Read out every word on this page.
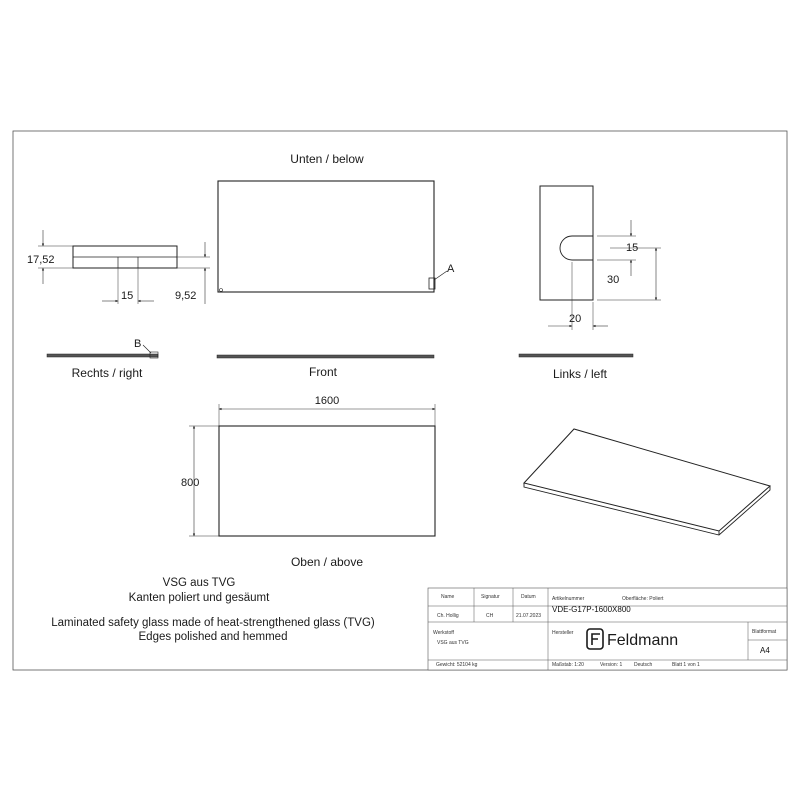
Unten / below
A
17,52
15	9,52
15
30
20
B
Rechts / right	Front	Links / left
1600
800
Oben / above
VSG aus TVG
Kanten poliert und gesäumt
Laminated safety glass made of heat-strengthened glass (TVG)
Edges polished and hemmed
Name	Signatur	Datum
Ch. Hollig	CH	21.07.2023
Artikelnummer	Oberfläche: Poliert
VDE-G17P-1600X800
Werkstoff
VSG aus TVG
Hersteller Feldmann	Blattformat
A4
Gewicht: 52104 kg	Maßstab: 1:20	Version: 1 Deutsch	Blatt 1 von 1
